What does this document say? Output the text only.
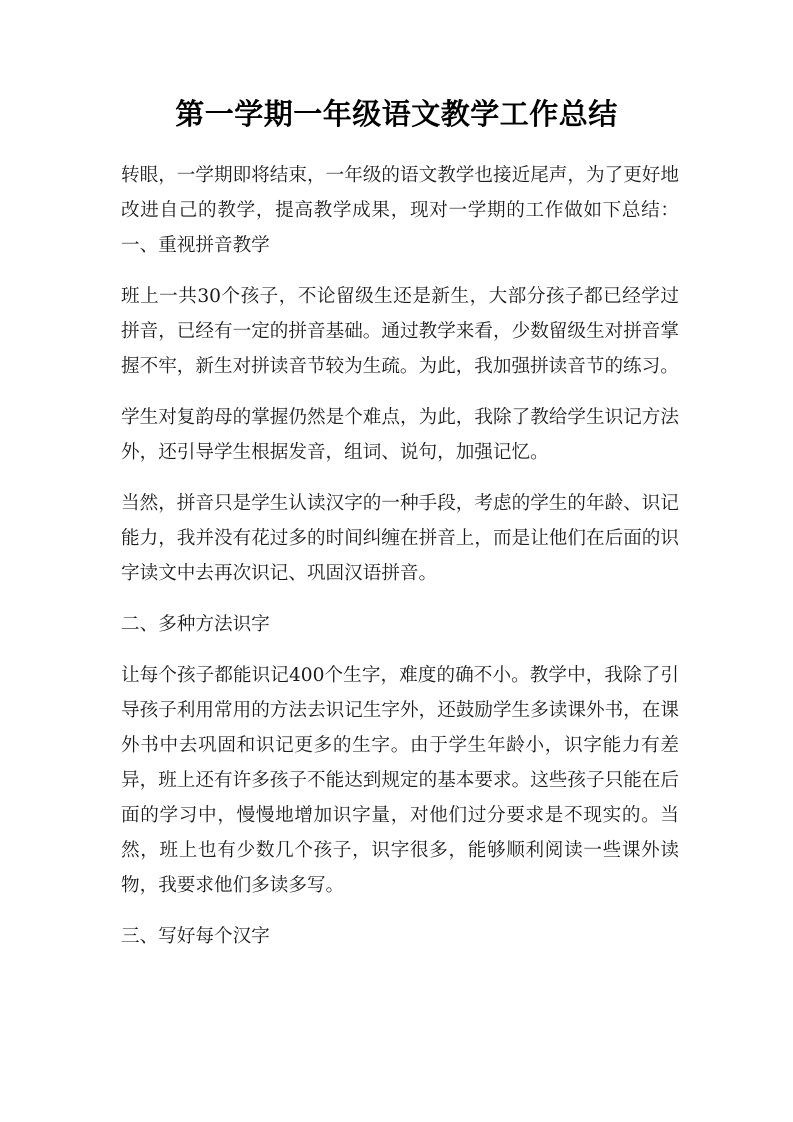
第一学期一年级语文教学工作总结

转眼，一学期即将结束，一年级的语文教学也接近尾声，为了更好地改进自己的教学，提高教学成果，现对一学期的工作做如下总结：一、重视拼音教学

班上一共30个孩子，不论留级生还是新生，大部分孩子都已经学过拼音，已经有一定的拼音基础。通过教学来看，少数留级生对拼音掌握不牢，新生对拼读音节较为生疏。为此，我加强拼读音节的练习。

学生对复韵母的掌握仍然是个难点，为此，我除了教给学生识记方法外，还引导学生根据发音，组词、说句，加强记忆。

当然，拼音只是学生认读汉字的一种手段，考虑的学生的年龄、识记能力，我并没有花过多的时间纠缠在拼音上，而是让他们在后面的识字读文中去再次识记、巩固汉语拼音。

二、多种方法识字

让每个孩子都能识记400个生字，难度的确不小。教学中，我除了引导孩子利用常用的方法去识记生字外，还鼓励学生多读课外书，在课外书中去巩固和识记更多的生字。由于学生年龄小，识字能力有差异，班上还有许多孩子不能达到规定的基本要求。这些孩子只能在后面的学习中，慢慢地增加识字量，对他们过分要求是不现实的。当然，班上也有少数几个孩子，识字很多，能够顺利阅读一些课外读物，我要求他们多读多写。

三、写好每个汉字
